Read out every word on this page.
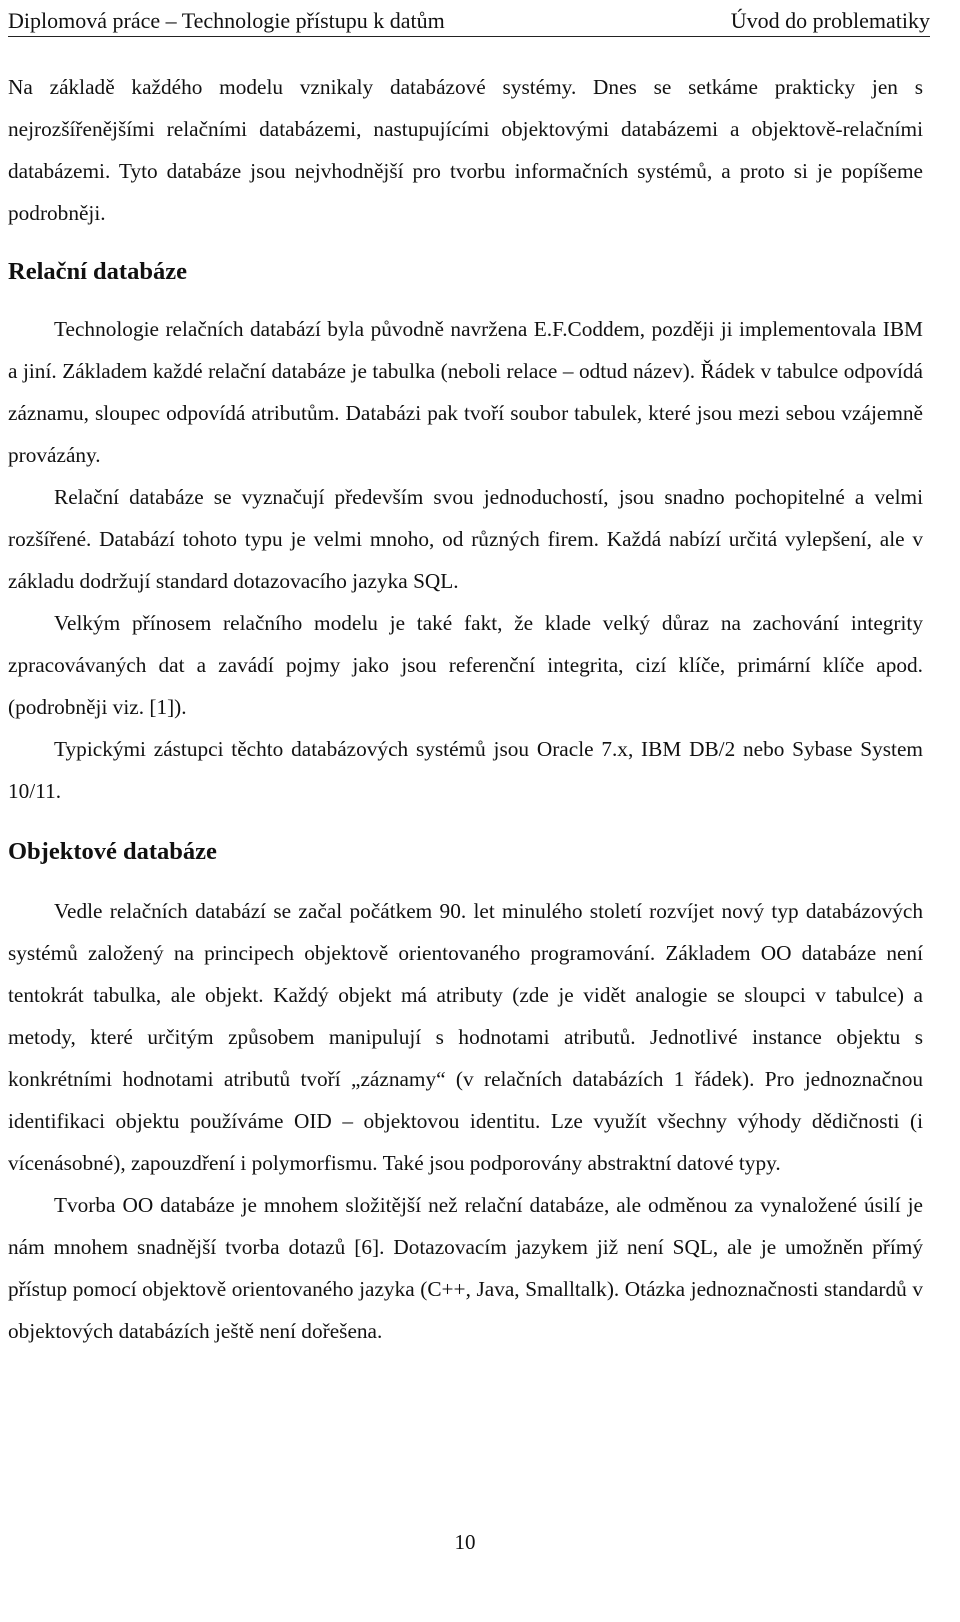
Diplomová práce – Technologie přístupu k datům	Úvod do problematiky

Na základě každého modelu vznikaly databázové systémy. Dnes se setkáme prakticky jen s nejrozšířenějšími relačními databázemi, nastupujícími objektovými databázemi a objektově-relačními databázemi. Tyto databáze jsou nejvhodnější pro tvorbu informačních systémů, a proto si je popíšeme podrobněji.

Relační databáze

Technologie relačních databází byla původně navržena E.F.Coddem, později ji implementovala IBM a jiní. Základem každé relační databáze je tabulka (neboli relace – odtud název). Řádek v tabulce odpovídá záznamu, sloupec odpovídá atributům. Databázi pak tvoří soubor tabulek, které jsou mezi sebou vzájemně provázány.

Relační databáze se vyznačují především svou jednoduchostí, jsou snadno pochopitelné a velmi rozšířené. Databází tohoto typu je velmi mnoho, od různých firem. Každá nabízí určitá vylepšení, ale v základu dodržují standard dotazovacího jazyka SQL.

Velkým přínosem relačního modelu je také fakt, že klade velký důraz na zachování integrity zpracovávaných dat a zavádí pojmy jako jsou referenční integrita, cizí klíče, primární klíče apod. (podrobněji viz. [1]).

Typickými zástupci těchto databázových systémů jsou Oracle 7.x, IBM DB/2 nebo Sybase System 10/11.

Objektové databáze

Vedle relačních databází se začal počátkem 90. let minulého století rozvíjet nový typ databázových systémů založený na principech objektově orientovaného programování. Základem OO databáze není tentokrát tabulka, ale objekt. Každý objekt má atributy (zde je vidět analogie se sloupci v tabulce) a metody, které určitým způsobem manipulují s hodnotami atributů. Jednotlivé instance objektu s konkrétními hodnotami atributů tvoří „záznamy“ (v relačních databázích 1 řádek). Pro jednoznačnou identifikaci objektu používáme OID – objektovou identitu. Lze využít všechny výhody dědičnosti (i vícenásobné), zapouzdření i polymorfismu. Také jsou podporovány abstraktní datové typy.

Tvorba OO databáze je mnohem složitější než relační databáze, ale odměnou za vynaložené úsilí je nám mnohem snadnější tvorba dotazů [6]. Dotazovacím jazykem již není SQL, ale je umožněn přímý přístup pomocí objektově orientovaného jazyka (C++, Java, Smalltalk). Otázka jednoznačnosti standardů v objektových databázích ještě není dořešena.

10
